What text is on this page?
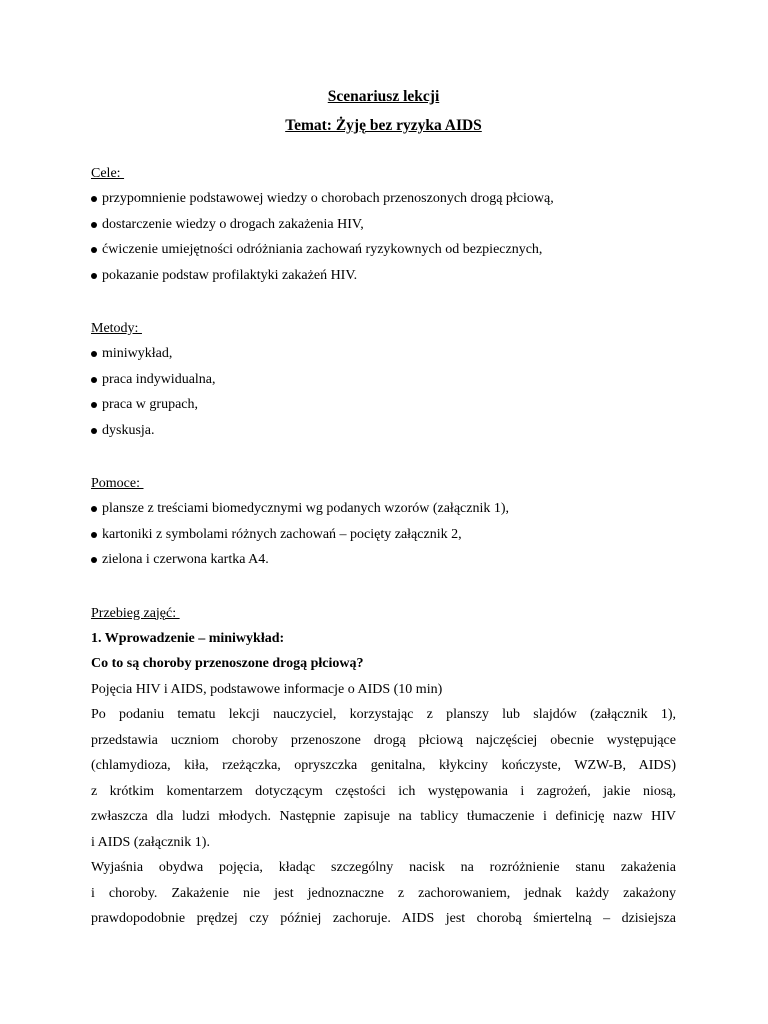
Scenariusz lekcji
Temat: Żyję bez ryzyka AIDS
Cele:
przypomnienie podstawowej wiedzy o chorobach przenoszonych drogą płciową,
dostarczenie wiedzy o drogach zakażenia HIV,
ćwiczenie umiejętności odróżniania zachowań ryzykownych od bezpiecznych,
pokazanie podstaw profilaktyki zakażeń HIV.
Metody:
miniwykład,
praca indywidualna,
praca w grupach,
dyskusja.
Pomoce:
plansze z treściami biomedycznymi wg podanych wzorów (załącznik 1),
kartoniki z symbolami różnych zachowań – pocięty załącznik 2,
zielona i czerwona kartka A4.
Przebieg zajęć:
1. Wprowadzenie – miniwykład:
Co to są choroby przenoszone drogą płciową?
Pojęcia HIV i AIDS, podstawowe informacje o AIDS (10 min)
Po podaniu tematu lekcji nauczyciel, korzystając z planszy lub slajdów (załącznik 1),
przedstawia uczniom choroby przenoszone drogą płciową najczęściej obecnie występujące
(chlamydioza, kiła, rzeżączka, opryszczka genitalna, kłykciny kończyste, WZW-B, AIDS)
z krótkim komentarzem dotyczącym częstości ich występowania i zagrożeń, jakie niosą,
zwłaszcza dla ludzi młodych. Następnie zapisuje na tablicy tłumaczenie i definicję nazw HIV
i AIDS (załącznik 1).
Wyjaśnia obydwa pojęcia, kładąc szczególny nacisk na rozróżnienie stanu zakażenia
i choroby. Zakażenie nie jest jednoznaczne z zachorowaniem, jednak każdy zakażony
prawdopodobnie prędzej czy później zachoruje. AIDS jest chorobą śmiertelną – dzisiejsza
